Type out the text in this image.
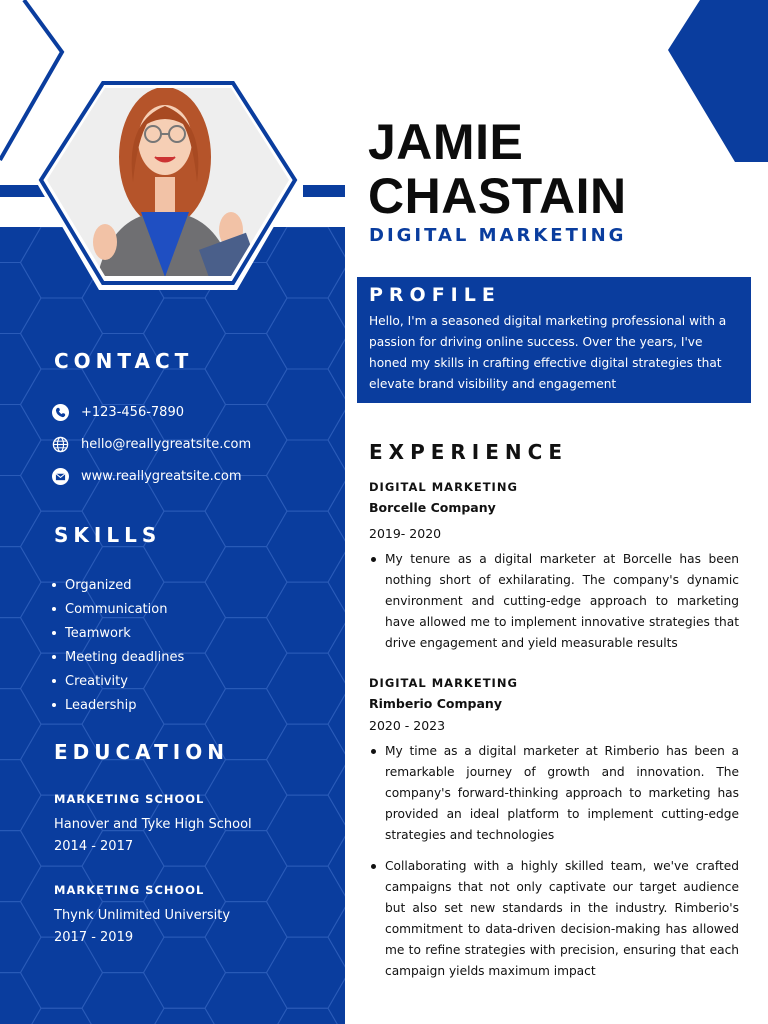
CONTACT
+123-456-7890
hello@reallygreatsite.com
www.reallygreatsite.com
SKILLS
Organized
Communication
Teamwork
Meeting deadlines
Creativity
Leadership
EDUCATION
MARKETING SCHOOL
Hanover and Tyke High School
2014 - 2017
MARKETING SCHOOL
Thynk Unlimited University
2017 - 2019
JAMIE
CHASTAIN
DIGITAL MARKETING
PROFILE

Hello, I'm a seasoned digital marketing professional with a passion for driving online success. Over the years, I've honed my skills in crafting effective digital strategies that elevate brand visibility and engagement

EXPERIENCE
DIGITAL MARKETING
Borcelle Company
2019- 2020
My tenure as a digital marketer at Borcelle has been nothing short of exhilarating. The company's dynamic environment and cutting-edge approach to marketing have allowed me to implement innovative strategies that drive engagement and yield measurable results
DIGITAL MARKETING
Rimberio Company
2020 - 2023
My time as a digital marketer at Rimberio has been a remarkable journey of growth and innovation. The company's forward-thinking approach to marketing has provided an ideal platform to implement cutting-edge strategies and technologies
Collaborating with a highly skilled team, we've crafted campaigns that not only captivate our target audience but also set new standards in the industry. Rimberio's commitment to data-driven decision-making has allowed me to refine strategies with precision, ensuring that each campaign yields maximum impact
